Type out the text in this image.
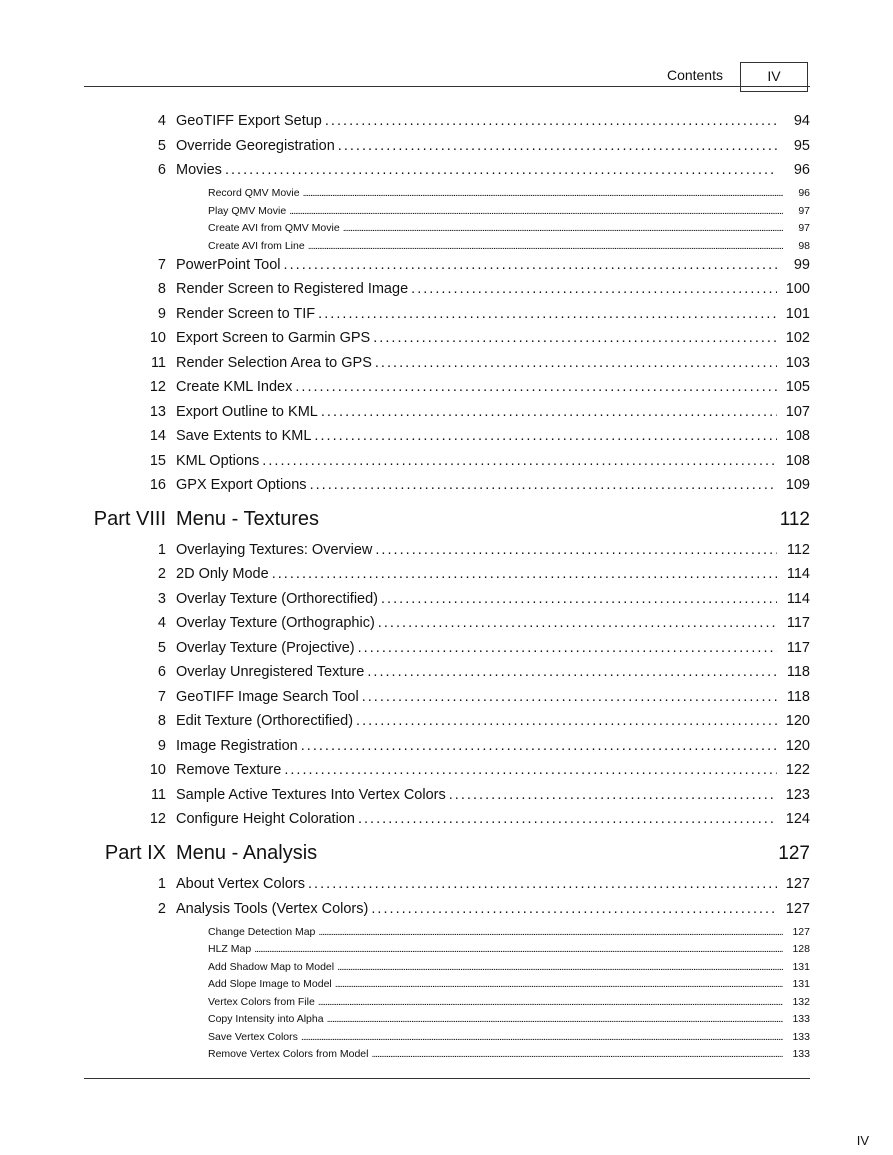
Contents	IV
4 GeoTIFF Export Setup . . .	94
5 Override Georegistration . . .	95
6 Movies . . .	96
Record QMV Movie . . .	96
Play QMV Movie . . .	97
Create AVI from QMV Movie . . .	97
Create AVI from Line . . .	98
7 PowerPoint Tool . . .	99
8 Render Screen to Registered Image . . .	100
9 Render Screen to TIF . . .	101
10 Export Screen to Garmin GPS . . .	102
11 Render Selection Area to GPS . . .	103
12 Create KML Index . . .	105
13 Export Outline to KML . . .	107
14 Save Extents to KML . . .	108
15 KML Options . . .	108
16 GPX Export Options . . .	109
Part VIII Menu - Textures	112
1 Overlaying Textures: Overview . . .	112
2 2D Only Mode . . .	114
3 Overlay Texture (Orthorectified) . . .	114
4 Overlay Texture (Orthographic) . . .	117
5 Overlay Texture (Projective) . . .	117
6 Overlay Unregistered Texture . . .	118
7 GeoTIFF Image Search Tool . . .	118
8 Edit Texture (Orthorectified) . . .	120
9 Image Registration . . .	120
10 Remove Texture . . .	122
11 Sample Active Textures Into Vertex Colors . . .	123
12 Configure Height Coloration . . .	124
Part IX Menu - Analysis	127
1 About Vertex Colors . . .	127
2 Analysis Tools (Vertex Colors) . . .	127
Change Detection Map . . .	127
HLZ Map . . .	128
Add Shadow Map to Model . . .	131
Add Slope Image to Model . . .	131
Vertex Colors from File . . .	132
Copy Intensity into Alpha . . .	133
Save Vertex Colors . . .	133
Remove Vertex Colors from Model . . .	133
IV
